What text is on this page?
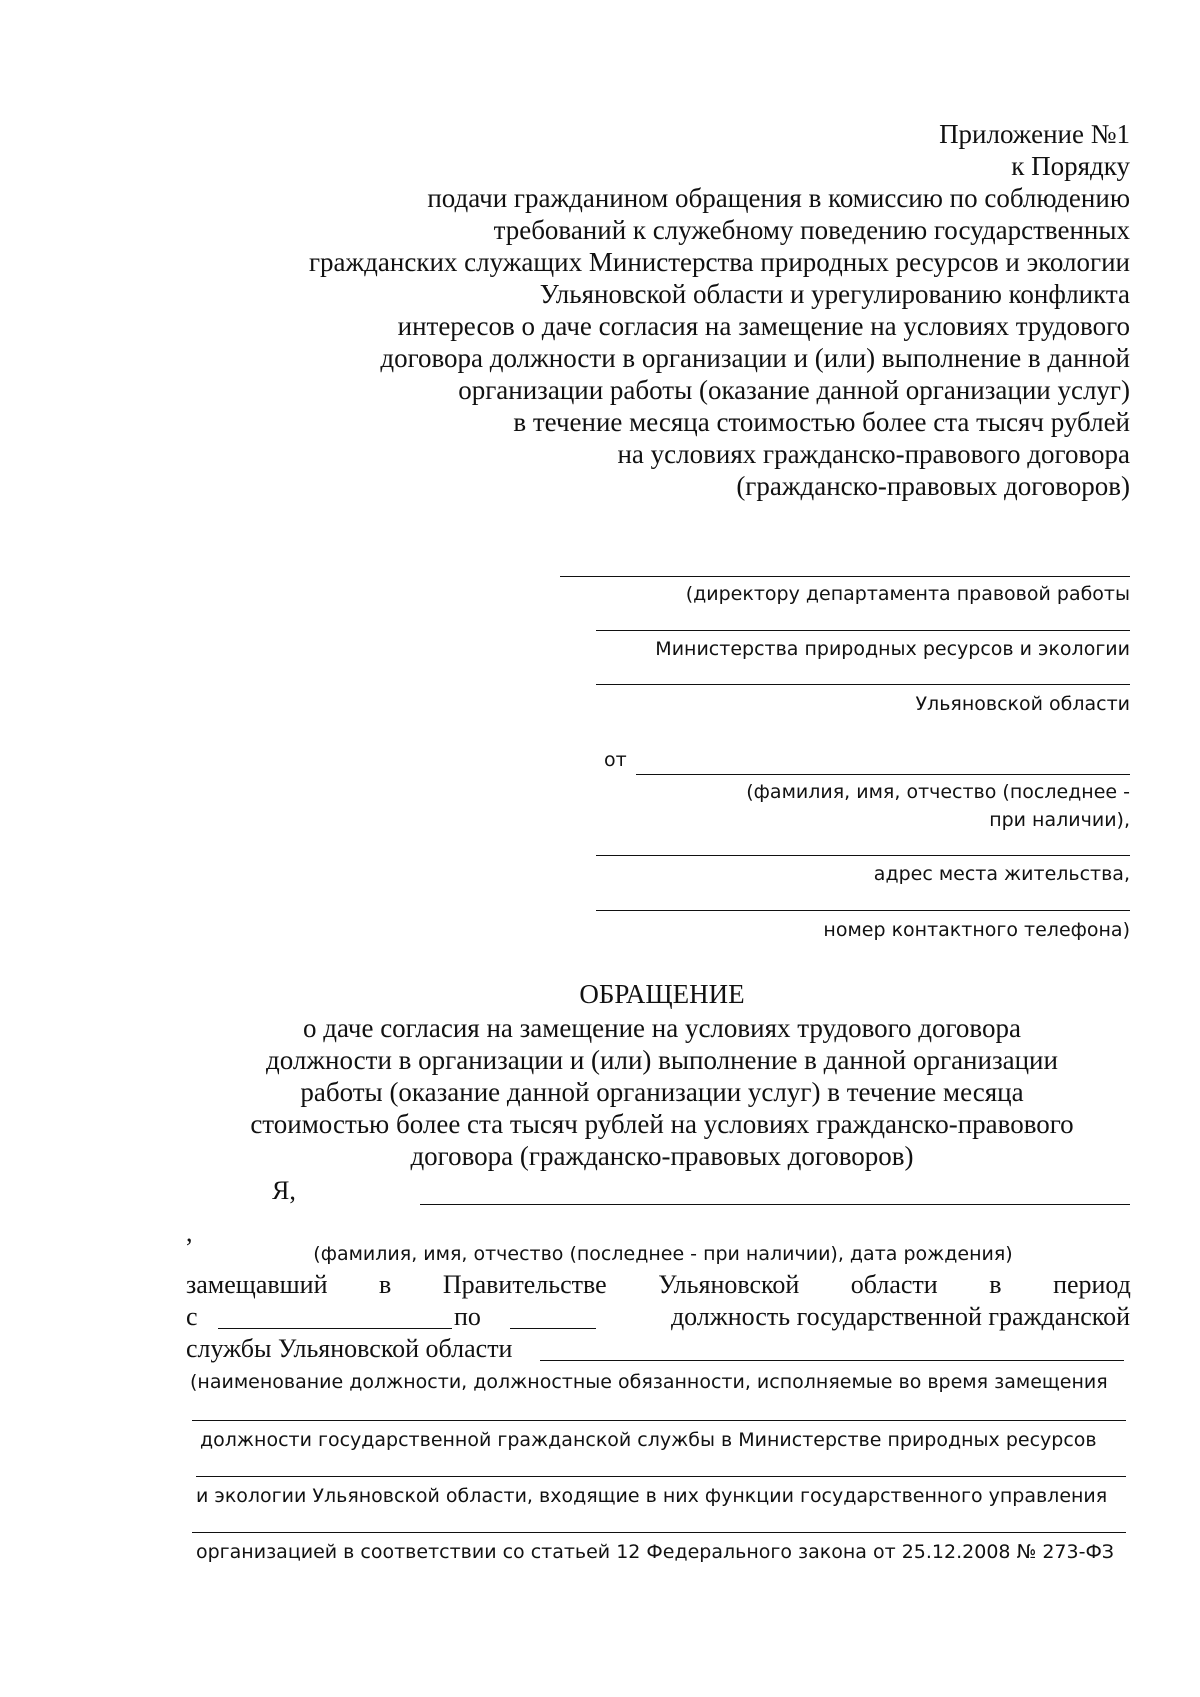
Приложение №1
к Порядку
подачи гражданином обращения в комиссию по соблюдению
требований к служебному поведению государственных
гражданских служащих Министерства природных ресурсов и экологии
Ульяновской области и урегулированию конфликта
интересов о даче согласия на замещение на условиях трудового
договора должности в организации и (или) выполнение в данной
организации работы (оказание данной организации услуг)
в течение месяца стоимостью более ста тысяч рублей
на условиях гражданско-правового договора
(гражданско-правовых договоров)
(директору департамента правовой работы
Министерства природных ресурсов и экологии
Ульяновской области
от
(фамилия, имя, отчество (последнее -
при наличии),
адрес места жительства,
номер контактного телефона)
ОБРАЩЕНИЕ
о даче согласия на замещение на условиях трудового договора
должности в организации и (или) выполнение в данной организации
работы (оказание данной организации услуг) в течение месяца
стоимостью более ста тысяч рублей на условиях гражданско-правового
договора (гражданско-правовых договоров)
Я,
,
(фамилия, имя, отчество (последнее - при наличии), дата рождения)
замещавший в Правительстве Ульяновской области в период
с	по	должность государственной гражданской
службы Ульяновской области
(наименование должности, должностные обязанности, исполняемые во время замещения
должности государственной гражданской службы в Министерстве природных ресурсов
и экологии Ульяновской области, входящие в них функции государственного управления
организацией в соответствии со статьей 12 Федерального закона от 25.12.2008 № 273-ФЗ
